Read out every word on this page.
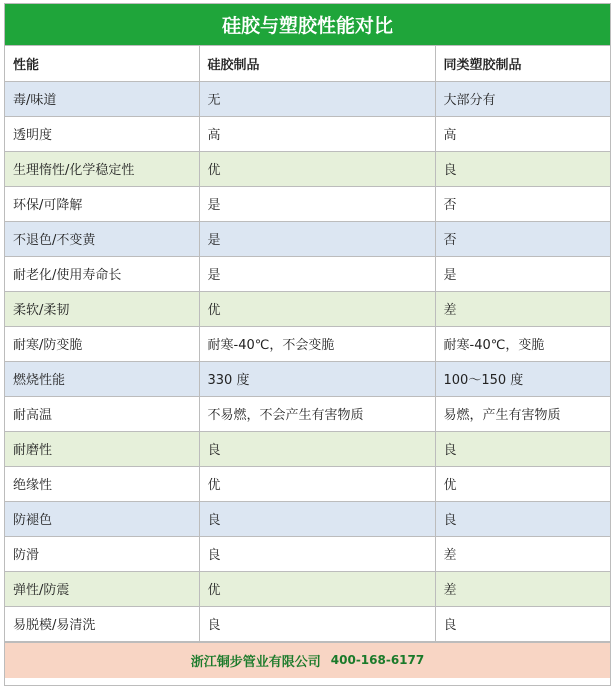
硅胶与塑胶性能对比
性能	硅胶制品	同类塑胶制品
毒/味道	无	大部分有
透明度	高	高
生理惰性/化学稳定性	优	良
环保/可降解	是	否
不退色/不变黄	是	否
耐老化/使用寿命长	是	是
柔软/柔韧	优	差
耐寒/防变脆	耐寒-40℃，不会变脆	耐寒-40℃，变脆
燃烧性能	330 度	100～150 度
耐高温	不易燃，不会产生有害物质	易燃，产生有害物质
耐磨性	良	良
绝缘性	优	优
防褪色	良	良
防滑	良	差
弹性/防震	优	差
易脱模/易清洗	良	良
浙江铜步管业有限公司 400-168-6177
